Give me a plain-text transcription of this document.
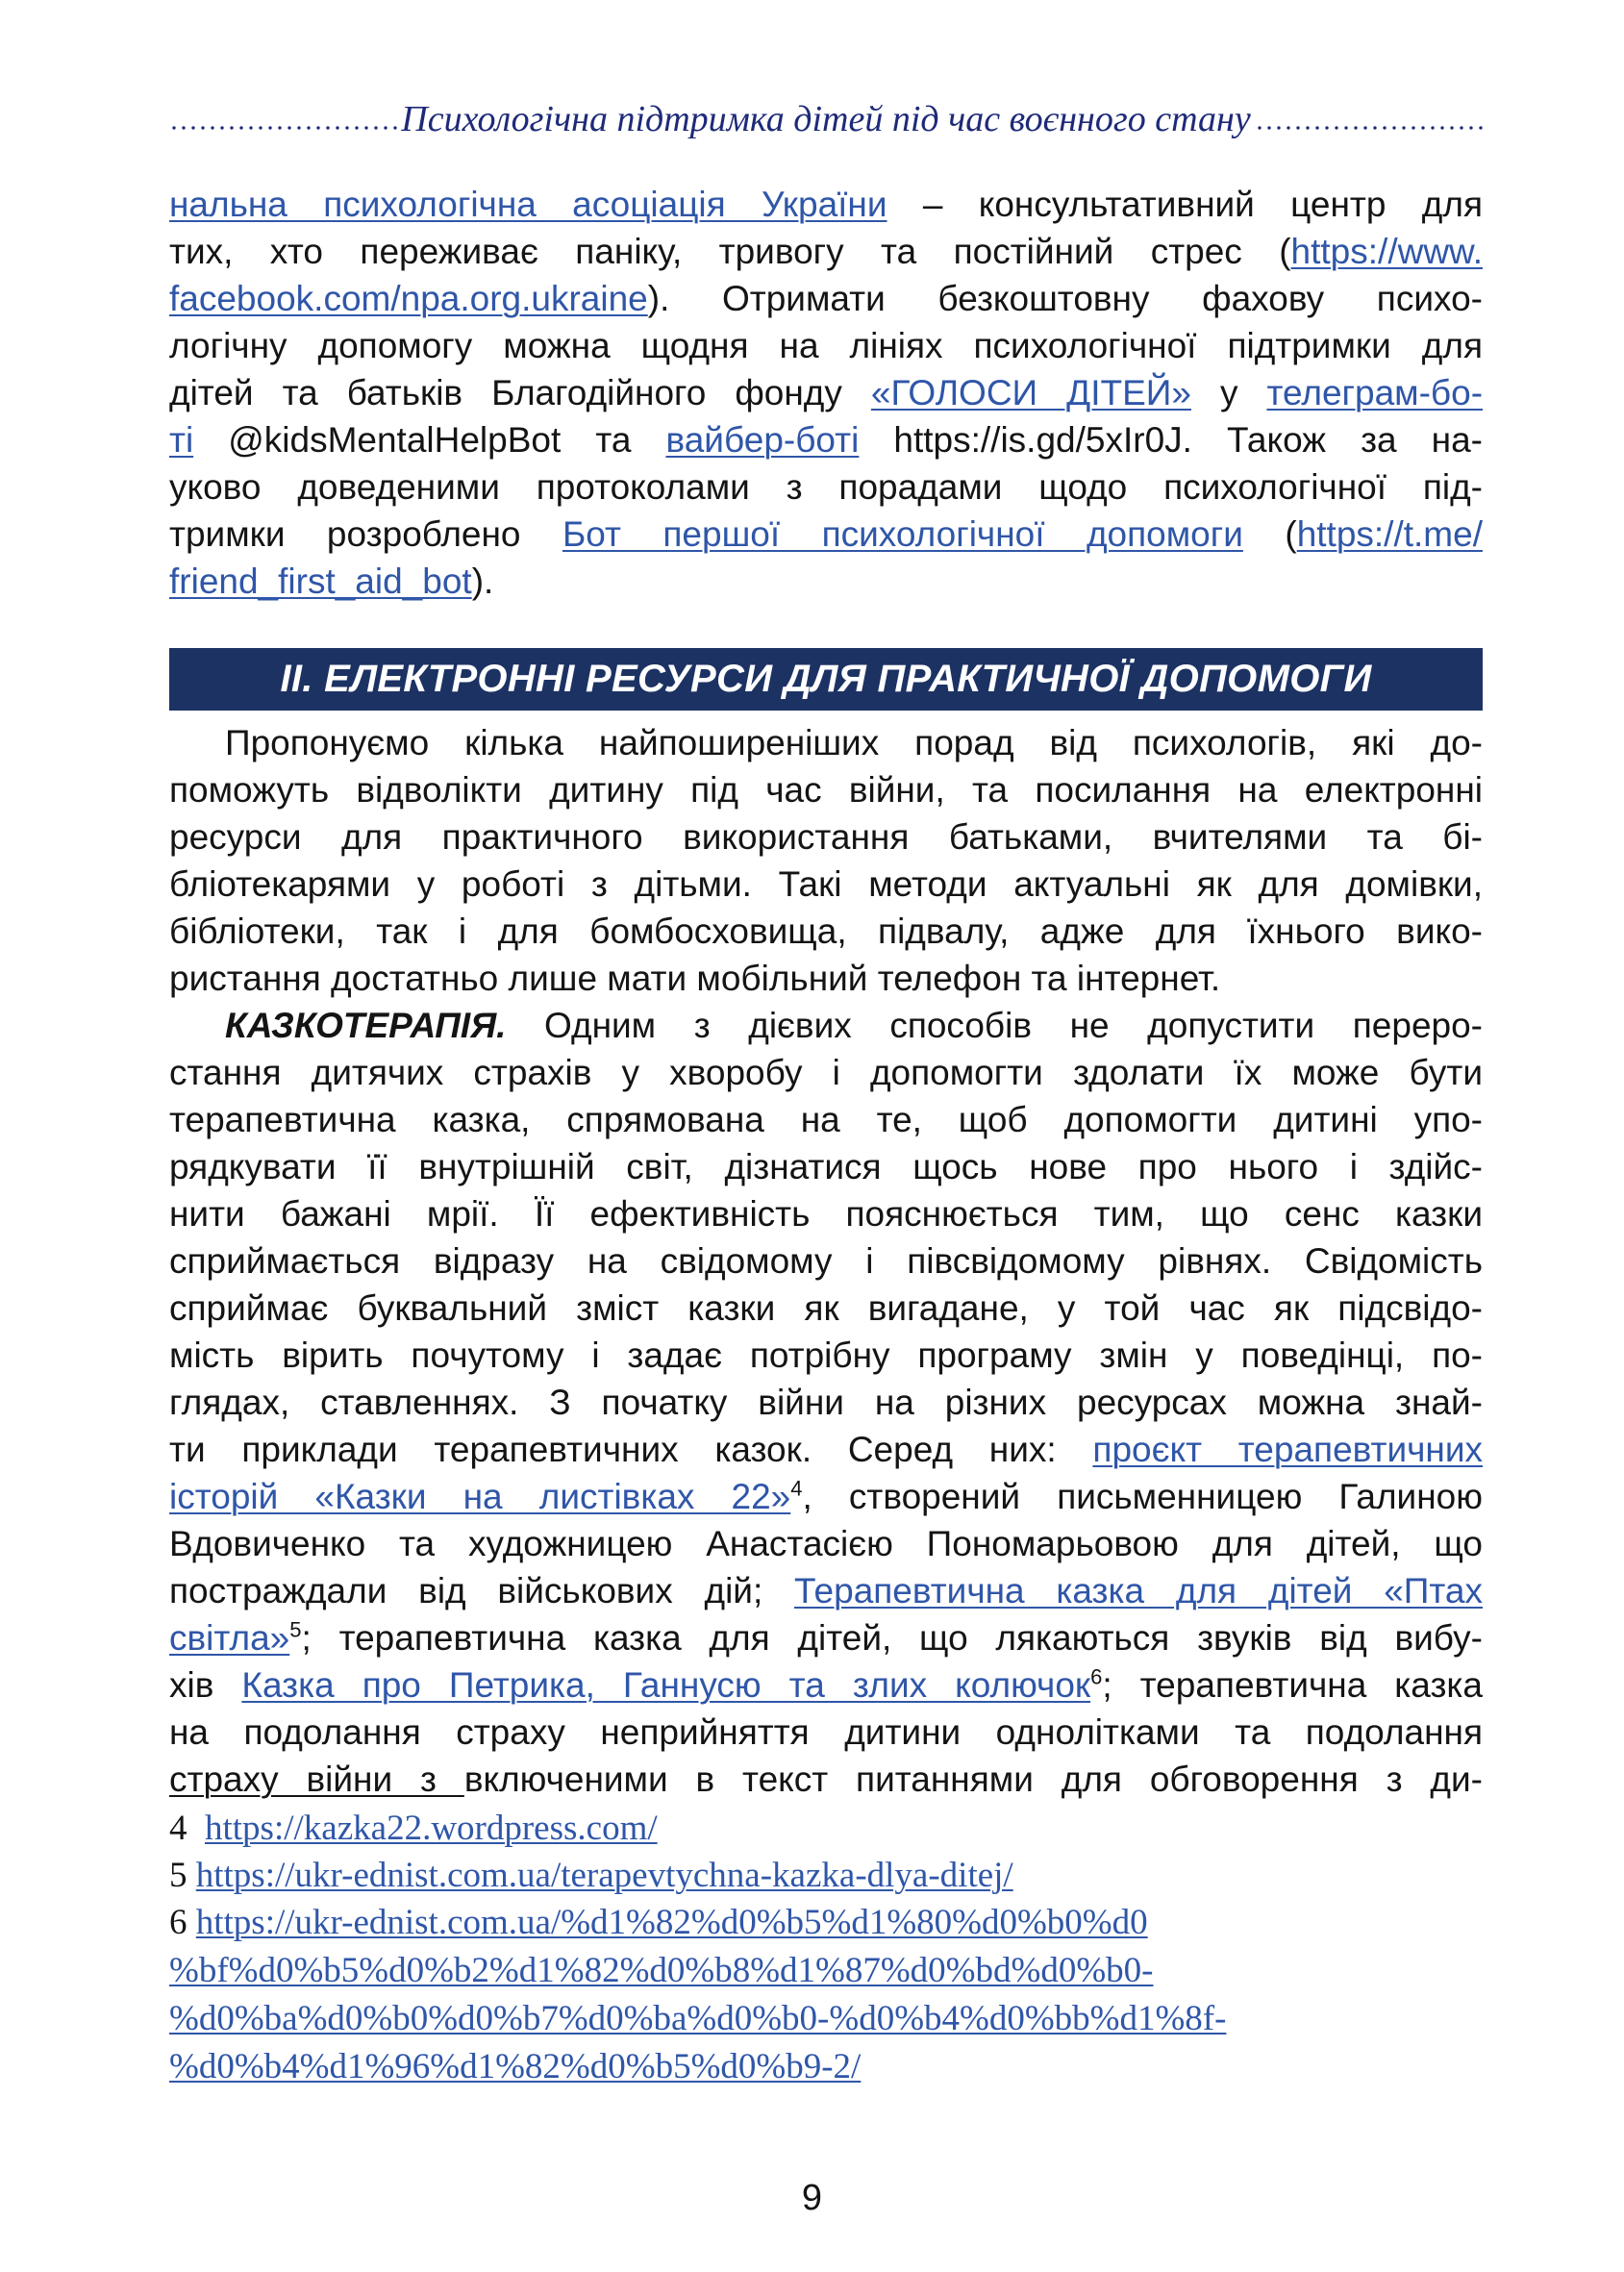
Психологічна підтримка дітей під час воєнного стану
нальна психологічна асоціація України – консультативний центр для
тих, хто переживає паніку, тривогу та постійний стрес (https://www.
facebook.com/npa.org.ukraine). Отримати безкоштовну фахову психо-
логічну допомогу можна щодня на лініях психологічної підтримки для
дітей та батьків Благодійного фонду «ГОЛОСИ ДІТЕЙ» у телеграм-бо-
ті @kidsMentalHelpBot та вайбер-боті https://is.gd/5xIr0J. Також за на-
уково доведеними протоколами з порадами щодо психологічної під-
тримки розроблено Бот першої психологічної допомоги (https://t.me/
friend_first_aid_bot).
II. ЕЛЕКТРОННІ РЕСУРСИ ДЛЯ ПРАКТИЧНОЇ ДОПОМОГИ
Пропонуємо кілька найпоширеніших порад від психологів, які до-
поможуть відволікти дитину під час війни, та посилання на електронні
ресурси для практичного використання батьками, вчителями та бі-
бліотекарями у роботі з дітьми. Такі методи актуальні як для домівки,
бібліотеки, так і для бомбосховища, підвалу, адже для їхнього вико-
ристання достатньо лише мати мобільний телефон та інтернет.
КАЗКОТЕРАПІЯ. Одним з дієвих способів не допустити переро-
стання дитячих страхів у хворобу і допомогти здолати їх може бути
терапевтична казка, спрямована на те, щоб допомогти дитині упо-
рядкувати її внутрішній світ, дізнатися щось нове про нього і здійс-
нити бажані мрії. Її ефективність пояснюється тим, що сенс казки
сприймається відразу на свідомому і півсвідомому рівнях. Свідомість
сприймає буквальний зміст казки як вигадане, у той час як підсвідо-
мість вірить почутому і задає потрібну програму змін у поведінці, по-
глядах, ставленнях. З початку війни на різних ресурсах можна знай-
ти приклади терапевтичних казок. Серед них: проєкт терапевтичних
історій «Казки на листівках 22»$^4$, створений письменницею Галиною
Вдовиченко та художницею Анастасією Пономарьовою для дітей, що
постраждали від військових дій; Терапевтична казка для дітей «Птах
світла»$^5$; терапевтична казка для дітей, що лякаються звуків від вибу-
хів Казка про Петрика, Ганнусю та злих колючок$^6$; терапевтична казка
на подолання страху неприйняття дитини однолітками та подолання
страху війни з включеними в текст питаннями для обговорення з ди-
4 https://kazka22.wordpress.com/
5 https://ukr-ednist.com.ua/terapevtychna-kazka-dlya-ditej/
6 https://ukr-ednist.com.ua/%d1%82%d0%b5%d1%80%d0%b0%d0
%bf%d0%b5%d0%b2%d1%82%d0%b8%d1%87%d0%bd%d0%b0-
%d0%ba%d0%b0%d0%b7%d0%ba%d0%b0-%d0%b4%d0%bb%d1%8f-
%d0%b4%d1%96%d1%82%d0%b5%d0%b9-2/
9
